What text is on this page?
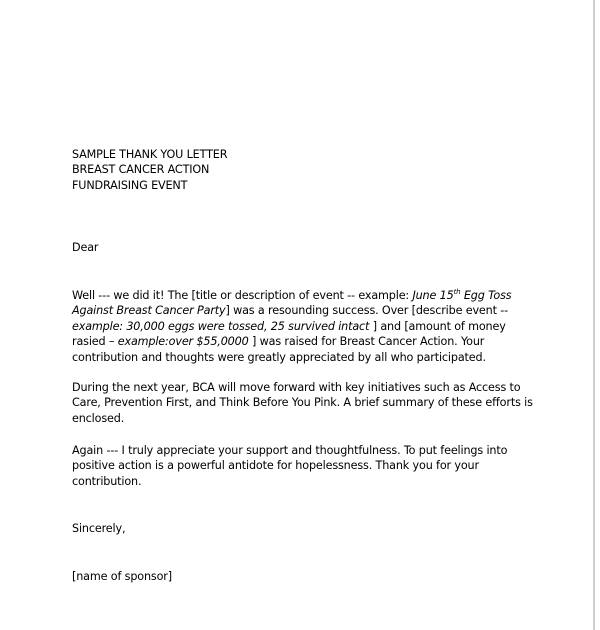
SAMPLE THANK YOU LETTER

BREAST CANCER ACTION

FUNDRAISING EVENT

Dear
Well --- we did it! The [title or description of event -- example: June 15th Egg Toss Against Breast Cancer Party] was a resounding success. Over [describe event -- example: 30,000 eggs were tossed, 25 survived intact ] and [amount of money rasied – example:over $55,0000 ] was raised for Breast Cancer Action. Your contribution and thoughts were greatly appreciated by all who participated.
During the next year, BCA will move forward with key initiatives such as Access to Care, Prevention First, and Think Before You Pink. A brief summary of these efforts is enclosed.
Again --- I truly appreciate your support and thoughtfulness. To put feelings into positive action is a powerful antidote for hopelessness. Thank you for your contribution.
Sincerely,
[name of sponsor]
